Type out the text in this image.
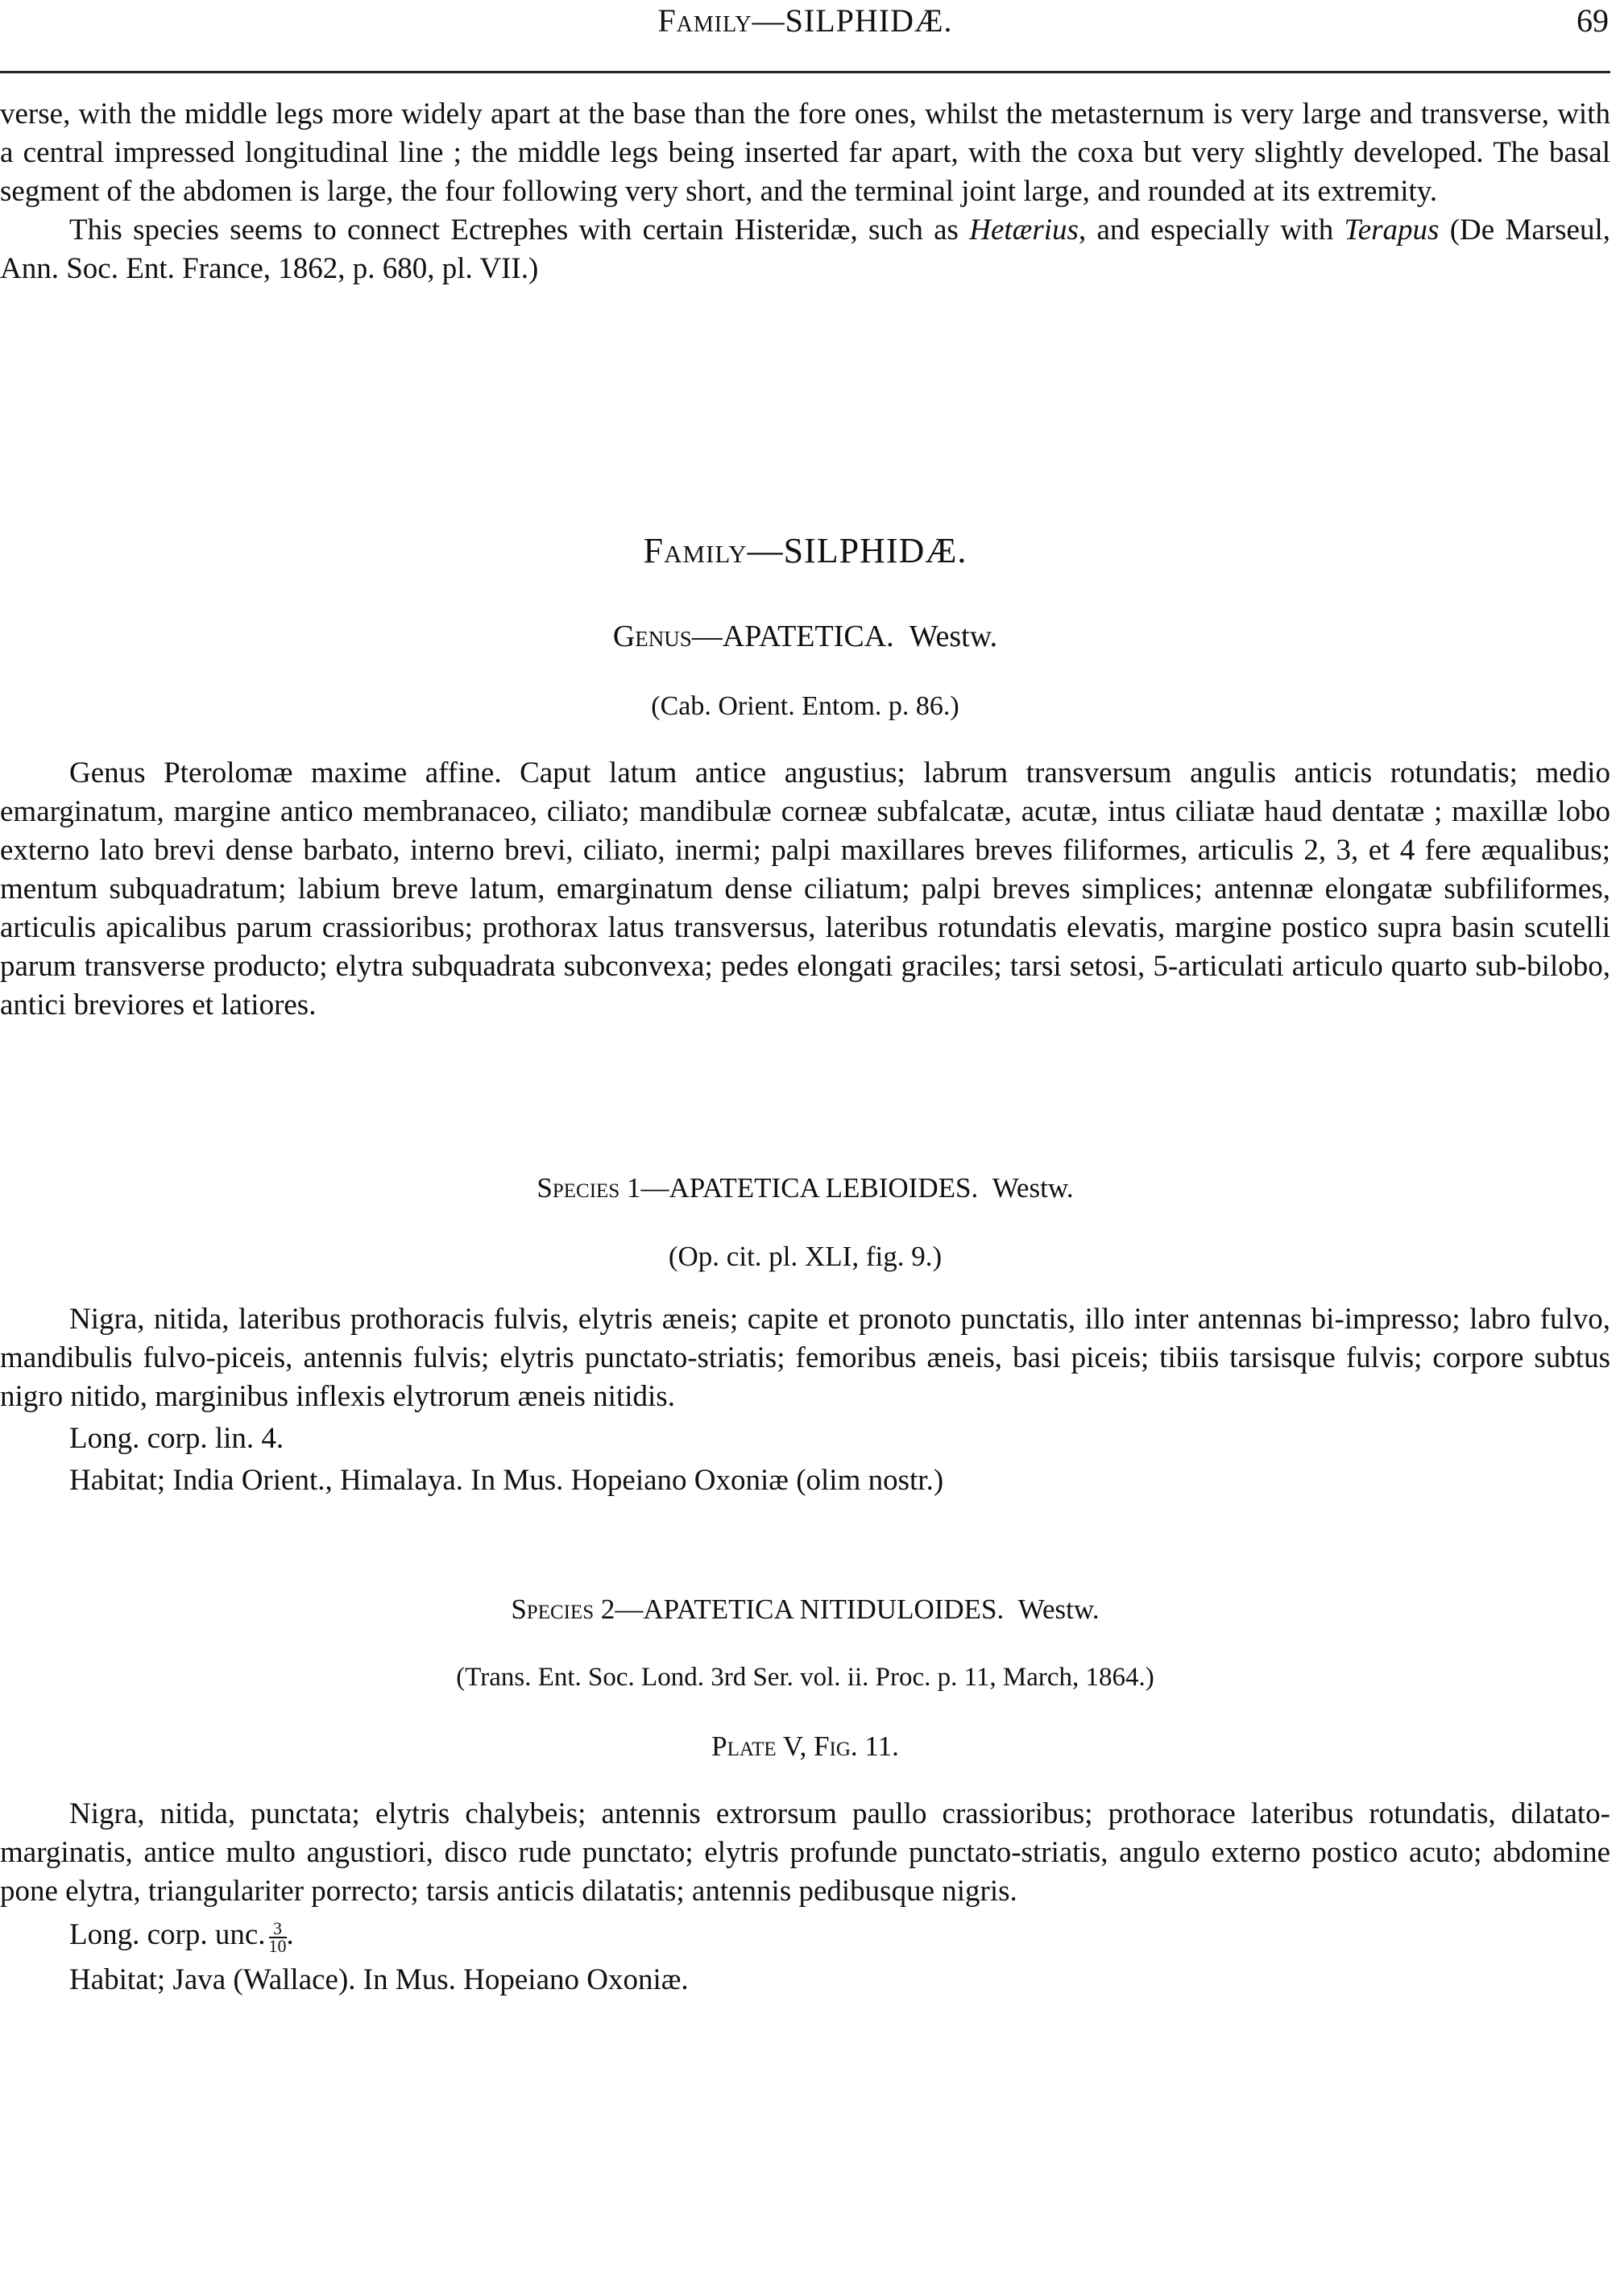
Family—SILPHIDÆ.	69

verse, with the middle legs more widely apart at the base than the fore ones, whilst the metasternum is very large and transverse, with a central impressed longitudinal line ; the middle legs being inserted far apart, with the coxa but very slightly developed. The basal segment of the abdomen is large, the four following very short, and the terminal joint large, and rounded at its extremity.

This species seems to connect Ectrephes with certain Histeridæ, such as Hetærius, and especially with Terapus (De Marseul, Ann. Soc. Ent. France, 1862, p. 680, pl. VII.)

Family—SILPHIDÆ.
Genus—APATETICA. Westw.
(Cab. Orient. Entom. p. 86.)

Genus Pterolomæ maxime affine. Caput latum antice angustius; labrum transversum angulis anticis rotundatis; medio emarginatum, margine antico membranaceo, ciliato; mandibulæ corneæ subfalcatæ, acutæ, intus ciliatæ haud dentatæ ; maxillæ lobo externo lato brevi dense barbato, interno brevi, ciliato, inermi; palpi maxillares breves filiformes, articulis 2, 3, et 4 fere æqualibus; mentum subquadratum; labium breve latum, emarginatum dense ciliatum; palpi breves simplices; antennæ elongatæ subfiliformes, articulis apicalibus parum crassioribus; prothorax latus transversus, lateribus rotundatis elevatis, margine postico supra basin scutelli parum transverse producto; elytra subquadrata subconvexa; pedes elongati graciles; tarsi setosi, 5-articulati articulo quarto sub-bilobo, antici breviores et latiores.

Species 1—APATETICA LEBIOIDES. Westw.
(Op. cit. pl. XLI, fig. 9.)

Nigra, nitida, lateribus prothoracis fulvis, elytris æneis; capite et pronoto punctatis, illo inter antennas bi-impresso; labro fulvo, mandibulis fulvo-piceis, antennis fulvis; elytris punctato-striatis; femoribus æneis, basi piceis; tibiis tarsisque fulvis; corpore subtus nigro nitido, marginibus inflexis elytrorum æneis nitidis.

Long. corp. lin. 4.

Habitat; India Orient., Himalaya. In Mus. Hopeiano Oxoniæ (olim nostr.)

Species 2—APATETICA NITIDULOIDES. Westw.
(Trans. Ent. Soc. Lond. 3rd Ser. vol. ii. Proc. p. 11, March, 1864.)
Plate V, Fig. 11.

Nigra, nitida, punctata; elytris chalybeis; antennis extrorsum paullo crassioribus; prothorace lateribus rotundatis, dilatato-marginatis, antice multo angustiori, disco rude punctato; elytris profunde punctato-striatis, angulo externo postico acuto; abdomine pone elytra, triangulariter porrecto; tarsis anticis dilatatis; antennis pedibusque nigris.

Long. corp. unc. $\frac{3}{10}$ .

Habitat; Java (Wallace). In Mus. Hopeiano Oxoniæ.
